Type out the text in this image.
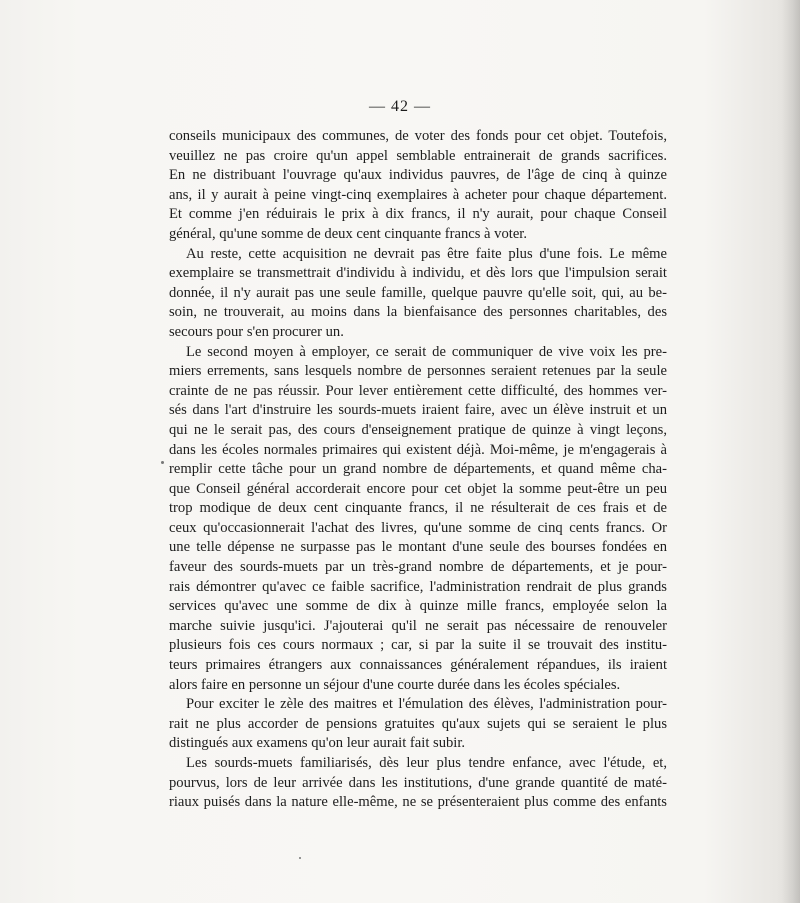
— 42 —
conseils municipaux des communes, de voter des fonds pour cet objet. Toutefois,
veuillez ne pas croire qu'un appel semblable entrainerait de grands sacrifices.
En ne distribuant l'ouvrage qu'aux individus pauvres, de l'âge de cinq à quinze
ans, il y aurait à peine vingt-cinq exemplaires à acheter pour chaque département.
Et comme j'en réduirais le prix à dix francs, il n'y aurait, pour chaque Conseil
général, qu'une somme de deux cent cinquante francs à voter.
Au reste, cette acquisition ne devrait pas être faite plus d'une fois. Le même
exemplaire se transmettrait d'individu à individu, et dès lors que l'impulsion serait
donnée, il n'y aurait pas une seule famille, quelque pauvre qu'elle soit, qui, au be-
soin, ne trouverait, au moins dans la bienfaisance des personnes charitables, des
secours pour s'en procurer un.
Le second moyen à employer, ce serait de communiquer de vive voix les pre-
miers errements, sans lesquels nombre de personnes seraient retenues par la seule
crainte de ne pas réussir. Pour lever entièrement cette difficulté, des hommes ver-
sés dans l'art d'instruire les sourds-muets iraient faire, avec un élève instruit et un
qui ne le serait pas, des cours d'enseignement pratique de quinze à vingt leçons,
dans les écoles normales primaires qui existent déjà. Moi-même, je m'engagerais à
remplir cette tâche pour un grand nombre de départements, et quand même cha-
que Conseil général accorderait encore pour cet objet la somme peut-être un peu
trop modique de deux cent cinquante francs, il ne résulterait de ces frais et de
ceux qu'occasionnerait l'achat des livres, qu'une somme de cinq cents francs. Or
une telle dépense ne surpasse pas le montant d'une seule des bourses fondées en
faveur des sourds-muets par un très-grand nombre de départements, et je pour-
rais démontrer qu'avec ce faible sacrifice, l'administration rendrait de plus grands
services qu'avec une somme de dix à quinze mille francs, employée selon la
marche suivie jusqu'ici. J'ajouterai qu'il ne serait pas nécessaire de renouveler
plusieurs fois ces cours normaux ; car, si par la suite il se trouvait des institu-
teurs primaires étrangers aux connaissances généralement répandues, ils iraient
alors faire en personne un séjour d'une courte durée dans les écoles spéciales.
Pour exciter le zèle des maitres et l'émulation des élèves, l'administration pour-
rait ne plus accorder de pensions gratuites qu'aux sujets qui se seraient le plus
distingués aux examens qu'on leur aurait fait subir.
Les sourds-muets familiarisés, dès leur plus tendre enfance, avec l'étude, et,
pourvus, lors de leur arrivée dans les institutions, d'une grande quantité de maté-
riaux puisés dans la nature elle-même, ne se présenteraient plus comme des enfants
